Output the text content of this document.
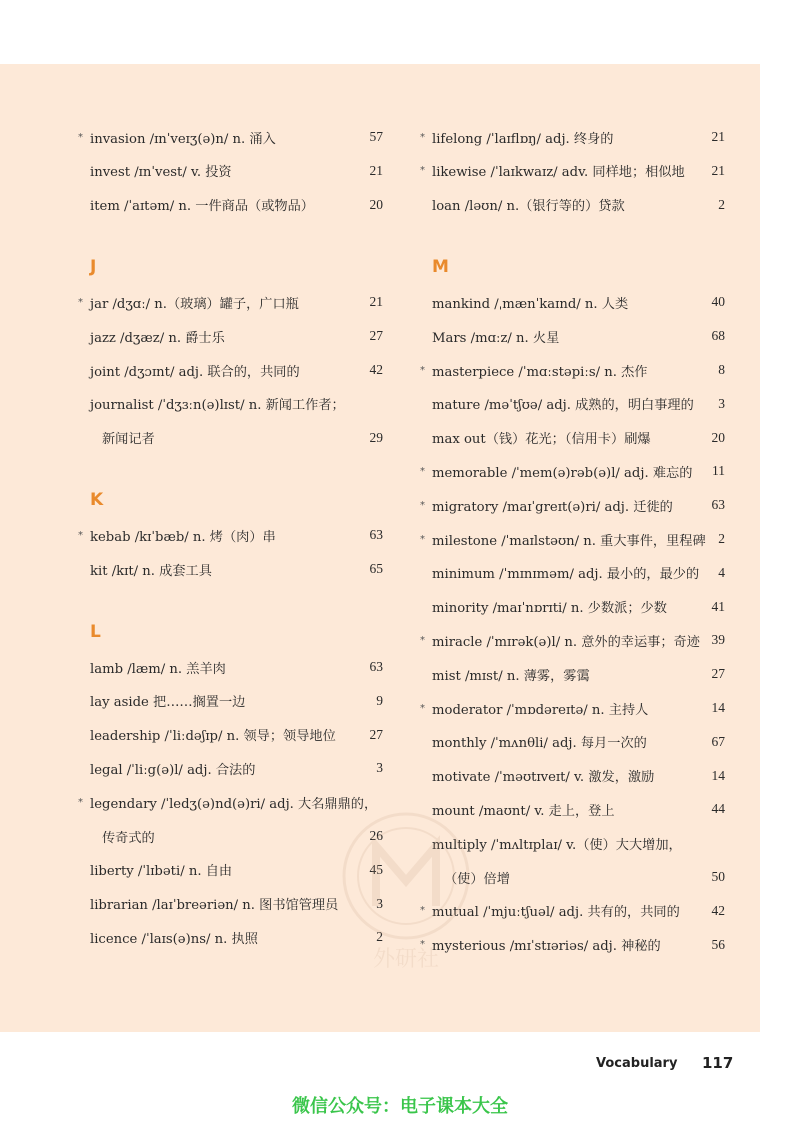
* invasion /ɪnˈveɪʒ(ə)n/ n. 涌入	57
invest /ɪnˈvest/ v. 投资	21
item /ˈaɪtəm/ n. 一件商品（或物品）	20
J
* jar /dʒɑː/ n.（玻璃）罐子，广口瓶	21
jazz /dʒæz/ n. 爵士乐	27
joint /dʒɔɪnt/ adj. 联合的，共同的	42
journalist /ˈdʒɜːn(ə)lɪst/ n. 新闻工作者；
新闻记者	29
K
* kebab /kɪˈbæb/ n. 烤（肉）串	63
kit /kɪt/ n. 成套工具	65
L
lamb /læm/ n. 羔羊肉	63
lay aside 把……搁置一边	9
leadership /ˈliːdəʃɪp/ n. 领导；领导地位	27
legal /ˈliːg(ə)l/ adj. 合法的	3
* legendary /ˈledʒ(ə)nd(ə)ri/ adj. 大名鼎鼎的，
传奇式的	26
liberty /ˈlɪbəti/ n. 自由	45
librarian /laɪˈbreəriən/ n. 图书馆管理员	3
licence /ˈlaɪs(ə)ns/ n. 执照	2
* lifelong /ˈlaɪflɒŋ/ adj. 终身的	21
* likewise /ˈlaɪkwaɪz/ adv. 同样地；相似地 21
loan /ləʊn/ n.（银行等的）贷款	2
M
mankind /ˌmænˈkaɪnd/ n. 人类	40
Mars /mɑːz/ n. 火星	68
* masterpiece /ˈmɑːstəpiːs/ n. 杰作	8
mature /məˈtʃʊə/ adj. 成熟的，明白事理的 3
max out（钱）花光；（信用卡）刷爆	20
* memorable /ˈmem(ə)rəb(ə)l/ adj. 难忘的 11
* migratory /maɪˈgreɪt(ə)ri/ adj. 迁徙的	63
* milestone /ˈmaɪlstəʊn/ n. 重大事件，里程碑 2
minimum /ˈmɪnɪməm/ adj. 最小的，最少的 4
minority /maɪˈnɒrɪti/ n. 少数派；少数	41
* miracle /ˈmɪrək(ə)l/ n. 意外的幸运事；奇迹 39
mist /mɪst/ n. 薄雾，雾霭	27
* moderator /ˈmɒdəreɪtə/ n. 主持人	14
monthly /ˈmʌnθli/ adj. 每月一次的	67
motivate /ˈməʊtɪveɪt/ v. 激发，激励	14
mount /maʊnt/ v. 走上，登上	44
multiply /ˈmʌltɪplaɪ/ v.（使）大大增加，
（使）倍增	50
* mutual /ˈmjuːtʃuəl/ adj. 共有的，共同的	42
* mysterious /mɪˈstɪəriəs/ adj. 神秘的	56
外研社
Vocabulary 117
微信公众号：电子课本大全
